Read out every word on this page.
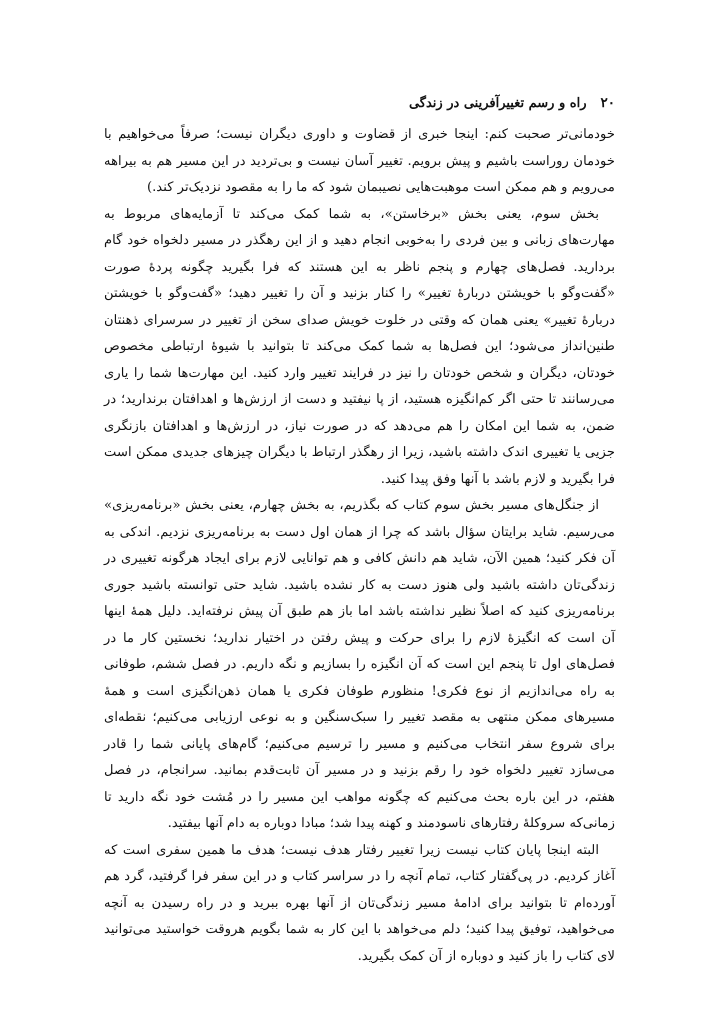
۲۰
راه و رسم تغییرآفرینی در زندگی

خودمانی‌تر صحبت کنم: اینجا خبری از قضاوت و داوری دیگران نیست؛ صرفاً می‌خواهیم با خودمان روراست باشیم و پیش برویم. تغییر آسان نیست و بی‌تردید در این مسیر هم به بیراهه می‌رویم و هم ممکن است موهبت‌هایی نصیبمان شود که ما را به مقصود نزدیک‌تر کند.)

بخش سوم، یعنی بخش «برخاستن»، به شما کمک می‌کند تا آزمایه‌های مربوط به مهارت‌های زبانی و بین فردی را به‌خوبی انجام دهید و از این رهگذر در مسیر دلخواه خود گام بردارید. فصل‌های چهارم و پنجم ناظر به این هستند که فرا بگیرید چگونه پردهٔ صورت «گفت‌وگو با خویشتن دربارهٔ تغییر» را کنار بزنید و آن را تغییر دهید؛ «گفت‌وگو با خویشتن دربارهٔ تغییر» یعنی همان که وقتی در خلوت خویش صدای سخن از تغییر در سرسرای ذهنتان طنین‌انداز می‌شود؛ این فصل‌ها به شما کمک می‌کند تا بتوانید با شیوهٔ ارتباطی مخصوص خودتان، دیگران و شخص خودتان را نیز در فرایند تغییر وارد کنید. این مهارت‌ها شما را یاری می‌رسانند تا حتی اگر کم‌انگیزه هستید، از پا نیفتید و دست از ارزش‌ها و اهدافتان برندارید؛ در ضمن، به شما این امکان را هم می‌دهد که در صورت نیاز، در ارزش‌ها و اهدافتان بازنگری جزیی یا تغییری اندک داشته باشید، زیرا از رهگذر ارتباط با دیگران چیزهای جدیدی ممکن است فرا بگیرید و لازم باشد با آنها وفق پیدا کنید.

از جنگل‌های مسیر بخش سوم کتاب که بگذریم، به بخش چهارم، یعنی بخش «برنامه‌ریزی» می‌رسیم. شاید برایتان سؤال باشد که چرا از همان اول دست به برنامه‌ریزی نزدیم. اندکی به آن فکر کنید؛ همین الآن، شاید هم دانش کافی و هم توانایی لازم برای ایجاد هرگونه تغییری در زندگی‌تان داشته باشید ولی هنوز دست به کار نشده باشید. شاید حتی توانسته باشید جوری برنامه‌ریزی کنید که اصلاً نظیر نداشته باشد اما باز هم طبق آن پیش نرفته‌اید. دلیل همهٔ اینها آن است که انگیزهٔ لازم را برای حرکت و پیش رفتن در اختیار ندارید؛ نخستین کار ما در فصل‌های اول تا پنجم این است که آن انگیزه را بسازیم و نگه داریم. در فصل ششم، طوفانی به راه می‌اندازیم از نوع فکری! منظورم طوفان فکری یا همان ذهن‌انگیزی است و همهٔ مسیرهای ممکن منتهی به مقصد تغییر را سبک‌سنگین و به نوعی ارزیابی می‌کنیم؛ نقطه‌ای برای شروع سفر انتخاب می‌کنیم و مسیر را ترسیم می‌کنیم؛ گام‌های پایانی شما را قادر می‌سازد تغییر دلخواه خود را رقم بزنید و در مسیر آن ثابت‌قدم بمانید. سرانجام، در فصل هفتم، در این باره بحث می‌کنیم که چگونه مواهب این مسیر را در مُشت خود نگه دارید تا زمانی‌که سروکلهٔ رفتارهای ناسودمند و کهنه پیدا شد؛ مبادا دوباره به دام آنها بیفتید.

البته اینجا پایان کتاب نیست زیرا تغییر رفتار هدف نیست؛ هدف ما همین سفری است که آغاز کردیم. در پی‌گفتار کتاب، تمام آنچه را در سراسر کتاب و در این سفر فرا گرفتید، گرد هم آورده‌ام تا بتوانید برای ادامهٔ مسیر زندگی‌تان از آنها بهره ببرید و در راه رسیدن به آنچه می‌خواهید، توفیق پیدا کنید؛ دلم می‌خواهد با این کار به شما بگویم هروقت خواستید می‌توانید لای کتاب را باز کنید و دوباره از آن کمک بگیرید.
